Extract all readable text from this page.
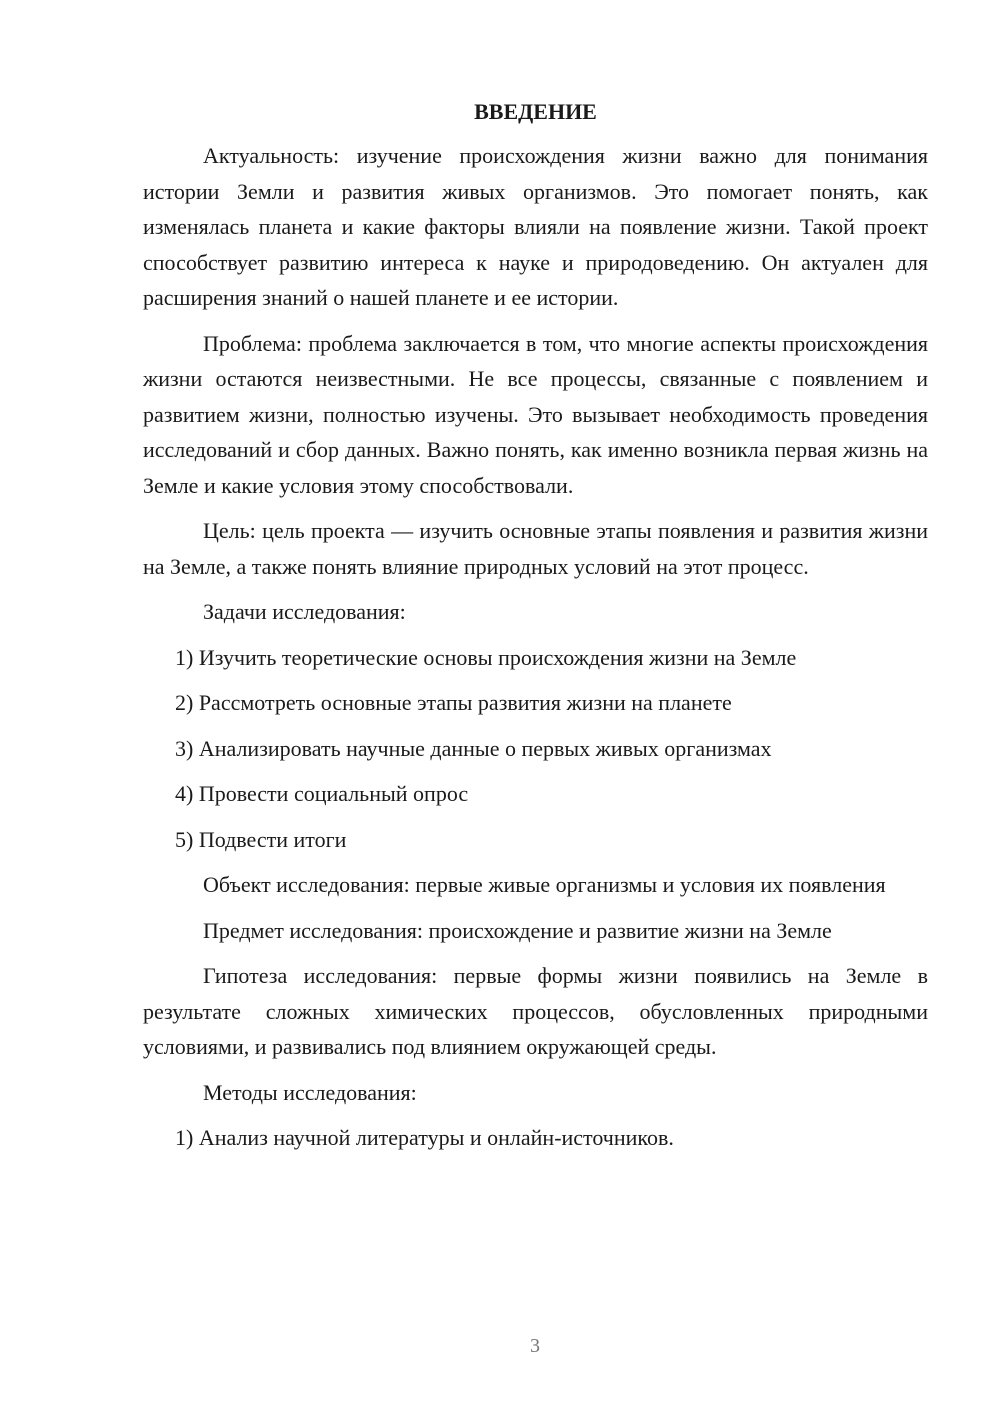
ВВЕДЕНИЕ

Актуальность: изучение происхождения жизни важно для понимания истории Земли и развития живых организмов. Это помогает понять, как изменялась планета и какие факторы влияли на появление жизни. Такой проект способствует развитию интереса к науке и природоведению. Он актуален для расширения знаний о нашей планете и ее истории.

Проблема: проблема заключается в том, что многие аспекты происхождения жизни остаются неизвестными. Не все процессы, связанные с появлением и развитием жизни, полностью изучены. Это вызывает необходимость проведения исследований и сбор данных. Важно понять, как именно возникла первая жизнь на Земле и какие условия этому способствовали.

Цель: цель проекта — изучить основные этапы появления и развития жизни на Земле, а также понять влияние природных условий на этот процесс.

Задачи исследования:

1) Изучить теоретические основы происхождения жизни на Земле

2) Рассмотреть основные этапы развития жизни на планете

3) Анализировать научные данные о первых живых организмах

4) Провести социальный опрос

5) Подвести итоги

Объект исследования: первые живые организмы и условия их появления

Предмет исследования: происхождение и развитие жизни на Земле

Гипотеза исследования: первые формы жизни появились на Земле в результате сложных химических процессов, обусловленных природными условиями, и развивались под влиянием окружающей среды.

Методы исследования:

1) Анализ научной литературы и онлайн-источников.

3
